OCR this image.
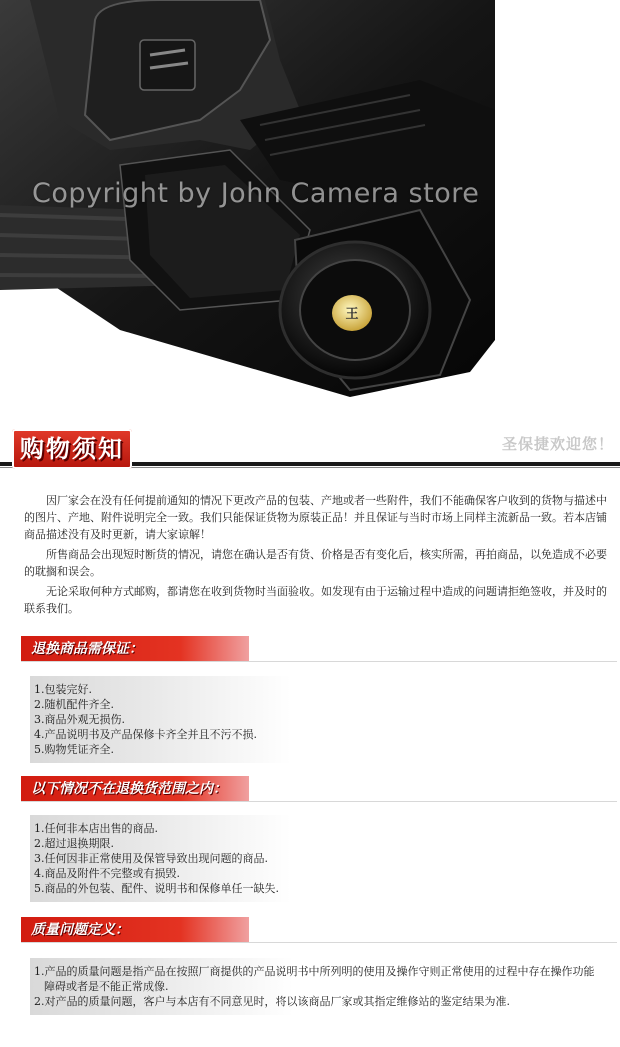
王
Copyright by John Camera store
购物须知	圣保捷欢迎您！

因厂家会在没有任何提前通知的情况下更改产品的包装、产地或者一些附件，我们不能确保客户收到的货物与描述中的图片、产地、附件说明完全一致。我们只能保证货物为原装正品！并且保证与当时市场上同样主流新品一致。若本店铺商品描述没有及时更新，请大家谅解！

所售商品会出现短时断货的情况，请您在确认是否有货、价格是否有变化后，核实所需，再拍商品，以免造成不必要的耽搁和误会。

无论采取何种方式邮购，都请您在收到货物时当面验收。如发现有由于运输过程中造成的问题请拒绝签收，并及时的联系我们。

退换商品需保证：
1.包装完好.
2.随机配件齐全.
3.商品外观无损伤.
4.产品说明书及产品保修卡齐全并且不污不损.
5.购物凭证齐全.
以下情况不在退换货范围之内：
1.任何非本店出售的商品.
2.超过退换期限.
3.任何因非正常使用及保管导致出现问题的商品.
4.商品及附件不完整或有损毁.
5.商品的外包装、配件、说明书和保修单任一缺失.
质量问题定义：
1.产品的质量问题是指产品在按照厂商提供的产品说明书中所列明的使用及操作守则正常使用的过程中存在操作功能障碍或者是不能正常成像.
2.对产品的质量问题，客户与本店有不同意见时，将以该商品厂家或其指定维修站的鉴定结果为准.
